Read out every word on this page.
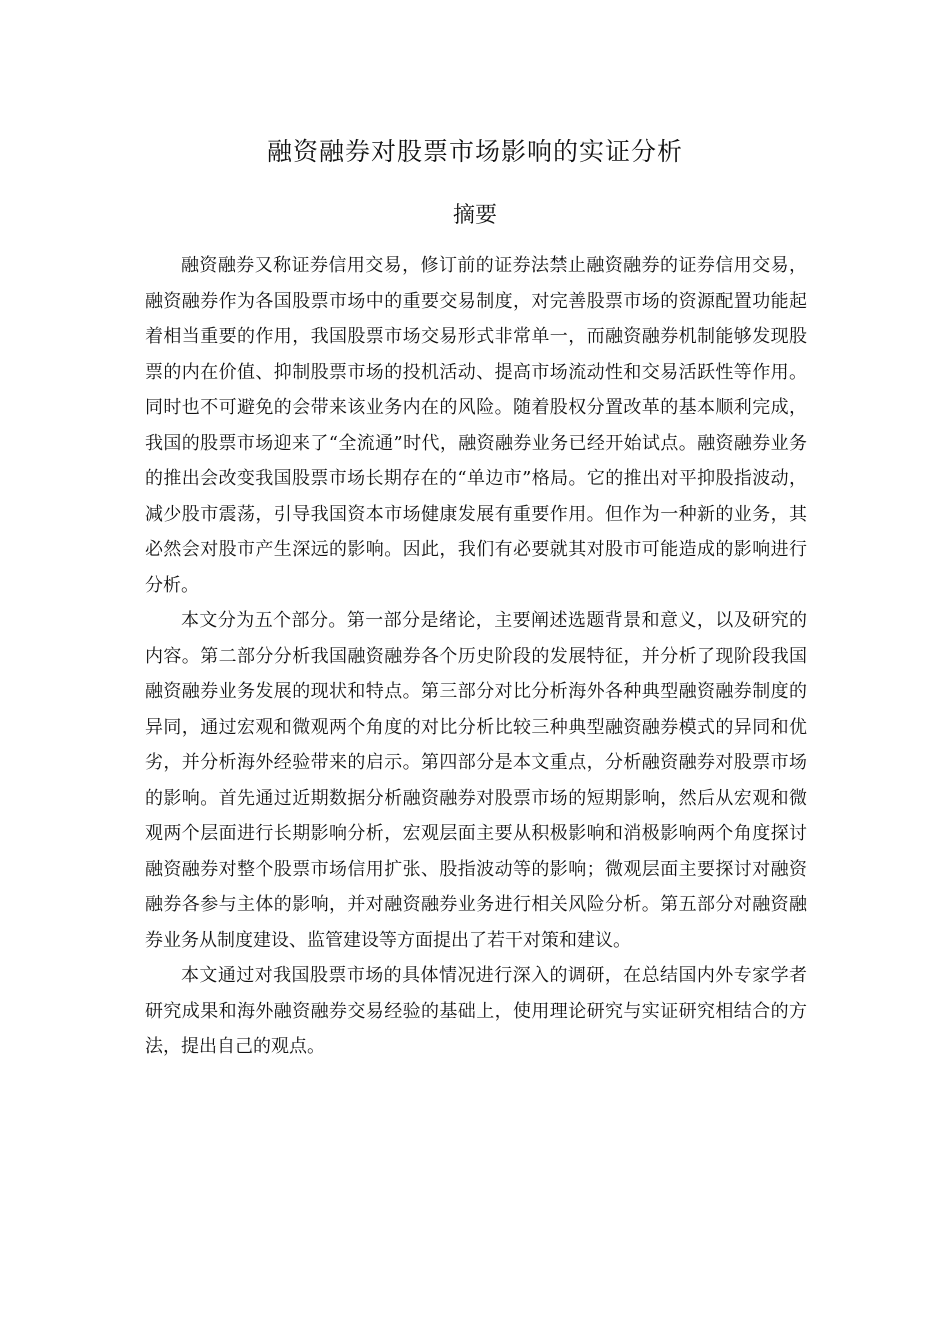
融资融券对股票市场影响的实证分析
摘要

融资融券又称证券信用交易，修订前的证券法禁止融资融券的证券信用交易，融资融券作为各国股票市场中的重要交易制度，对完善股票市场的资源配置功能起着相当重要的作用，我国股票市场交易形式非常单一，而融资融券机制能够发现股票的内在价值、抑制股票市场的投机活动、提高市场流动性和交易活跃性等作用。同时也不可避免的会带来该业务内在的风险。随着股权分置改革的基本顺利完成，我国的股票市场迎来了“全流通”时代，融资融券业务已经开始试点。融资融券业务的推出会改变我国股票市场长期存在的“单边市”格局。它的推出对平抑股指波动，减少股市震荡，引导我国资本市场健康发展有重要作用。但作为一种新的业务，其必然会对股市产生深远的影响。因此，我们有必要就其对股市可能造成的影响进行分析。

本文分为五个部分。第一部分是绪论，主要阐述选题背景和意义，以及研究的内容。第二部分分析我国融资融券各个历史阶段的发展特征，并分析了现阶段我国融资融券业务发展的现状和特点。第三部分对比分析海外各种典型融资融券制度的异同，通过宏观和微观两个角度的对比分析比较三种典型融资融券模式的异同和优劣，并分析海外经验带来的启示。第四部分是本文重点，分析融资融券对股票市场的影响。首先通过近期数据分析融资融券对股票市场的短期影响，然后从宏观和微观两个层面进行长期影响分析，宏观层面主要从积极影响和消极影响两个角度探讨融资融券对整个股票市场信用扩张、股指波动等的影响；微观层面主要探讨对融资融券各参与主体的影响，并对融资融券业务进行相关风险分析。第五部分对融资融券业务从制度建设、监管建设等方面提出了若干对策和建议。

本文通过对我国股票市场的具体情况进行深入的调研，在总结国内外专家学者研究成果和海外融资融券交易经验的基础上，使用理论研究与实证研究相结合的方法，提出自己的观点。
